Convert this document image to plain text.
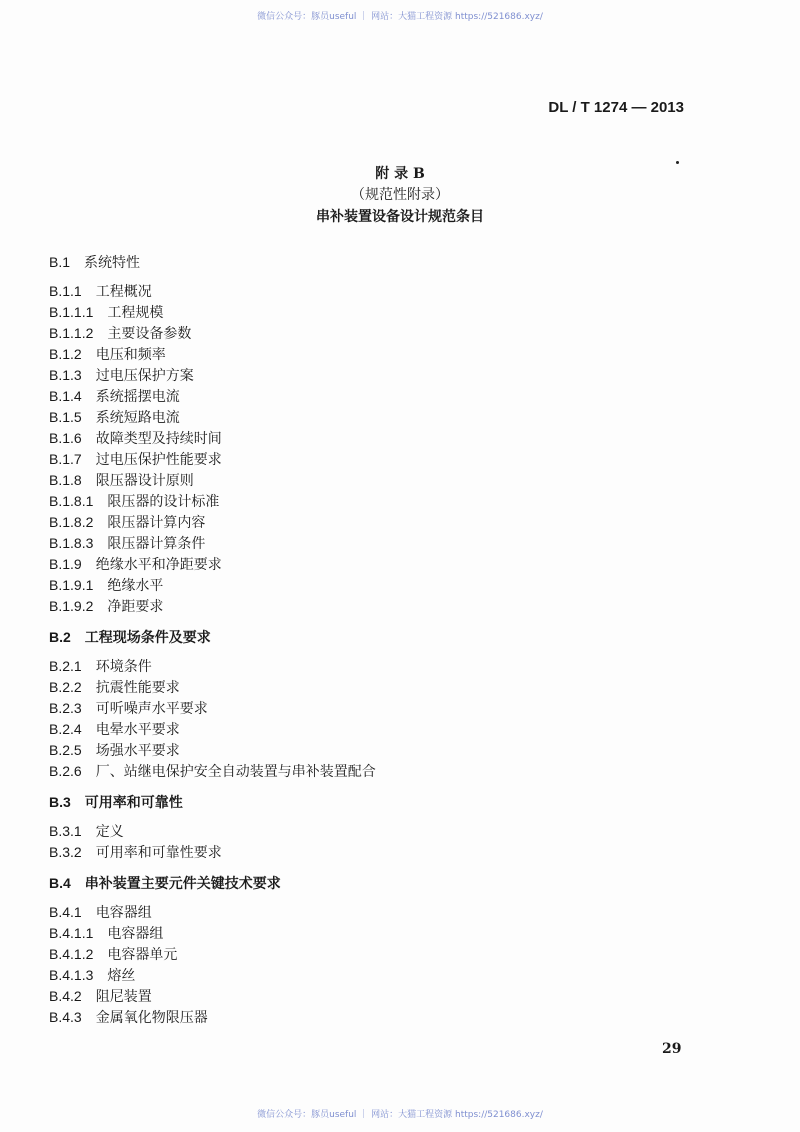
微信公众号：豚员useful ｜ 网站：大猫工程资源 https://521686.xyz/
DL / T 1274 — 2013
附 录 B
（规范性附录）
串补装置设备设计规范条目
B.1 系统特性
B.1.1 工程概况
B.1.1.1 工程规模
B.1.1.2 主要设备参数
B.1.2 电压和频率
B.1.3 过电压保护方案
B.1.4 系统摇摆电流
B.1.5 系统短路电流
B.1.6 故障类型及持续时间
B.1.7 过电压保护性能要求
B.1.8 限压器设计原则
B.1.8.1 限压器的设计标准
B.1.8.2 限压器计算内容
B.1.8.3 限压器计算条件
B.1.9 绝缘水平和净距要求
B.1.9.1 绝缘水平
B.1.9.2 净距要求
B.2 工程现场条件及要求
B.2.1 环境条件
B.2.2 抗震性能要求
B.2.3 可听噪声水平要求
B.2.4 电晕水平要求
B.2.5 场强水平要求
B.2.6 厂、站继电保护安全自动装置与串补装置配合
B.3 可用率和可靠性
B.3.1 定义
B.3.2 可用率和可靠性要求
B.4 串补装置主要元件关键技术要求
B.4.1 电容器组
B.4.1.1 电容器组
B.4.1.2 电容器单元
B.4.1.3 熔丝
B.4.2 阻尼装置
B.4.3 金属氧化物限压器
29
微信公众号：豚员useful ｜ 网站：大猫工程资源 https://521686.xyz/
